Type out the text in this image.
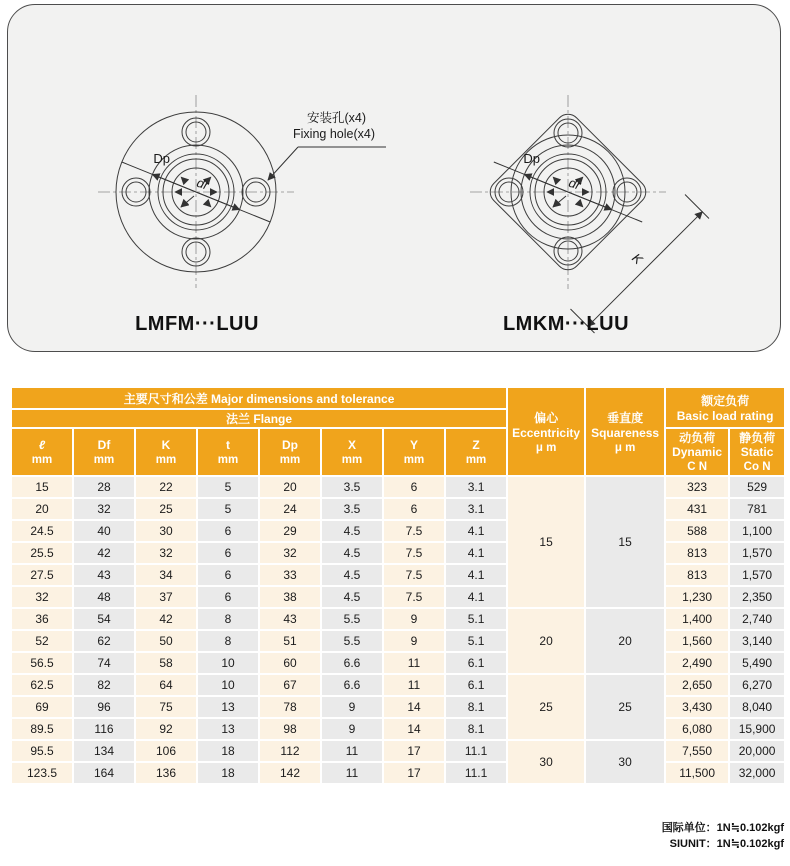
Dp
dr
Dp
dr
K
安装孔(x4)
Fixing hole(x4)
LMFM···LUU	LMKM···LUU
主要尺寸和公差 Major dimensions and tolerance								偏心
Eccentricity
μ m	垂直度
Squareness
μ m	额定负荷
Basic load rating	
法兰 Flange											
ℓ
mm	Df
mm	K
mm	t
mm	Dp
mm	X
mm	Y
mm	Z
mm			动负荷
Dynamic
C N	静负荷
Static
Co N
15	28	22	5	20	3.5	6	3.1	15	15	323	529
20	32	25	5	24	3.5	6	3.1			431	781
24.5	40	30	6	29	4.5	7.5	4.1			588	1,100
25.5	42	32	6	32	4.5	7.5	4.1			813	1,570
27.5	43	34	6	33	4.5	7.5	4.1			813	1,570
32	48	37	6	38	4.5	7.5	4.1			1,230	2,350
36	54	42	8	43	5.5	9	5.1	20	20	1,400	2,740
52	62	50	8	51	5.5	9	5.1			1,560	3,140
56.5	74	58	10	60	6.6	11	6.1			2,490	5,490
62.5	82	64	10	67	6.6	11	6.1	25	25	2,650	6,270
69	96	75	13	78	9	14	8.1			3,430	8,040
89.5	116	92	13	98	9	14	8.1			6,080	15,900
95.5	134	106	18	112	11	17	11.1	30	30	7,550	20,000
123.5	164	136	18	142	11	17	11.1			11,500	32,000
国际单位：1N≒0.102kgf
SIUNIT：1N≒0.102kgf
